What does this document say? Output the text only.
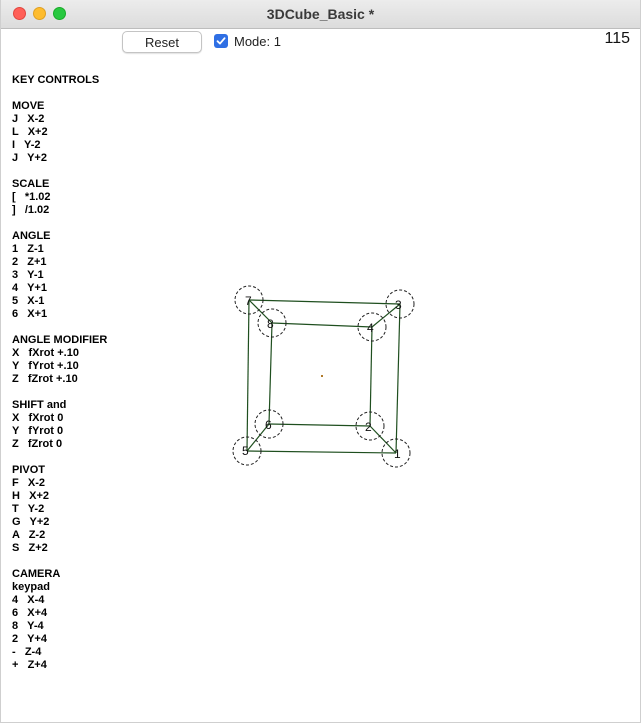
3DCube_Basic *
Reset	Mode: 1	115
KEY CONTROLS
MOVE
J   X-2
L   X+2
I   Y-2
J   Y+2
SCALE
[   *1.02
]   /1.02
ANGLE
1   Z-1
2   Z+1
3   Y-1
4   Y+1
5   X-1
6   X+1
ANGLE MODIFIER
X   fXrot +.10
Y   fYrot +.10
Z   fZrot +.10
SHIFT and
X   fXrot 0
Y   fYrot 0
Z   fZrot 0
PIVOT
F   X-2
H   X+2
T   Y-2
G   Y+2
A   Z-2
S   Z+2
CAMERA
keypad
4   X-4
6   X+4
8   Y-4
2   Y+4
-   Z-4
+   Z+4
1
2
3
4
5
6
7
8
